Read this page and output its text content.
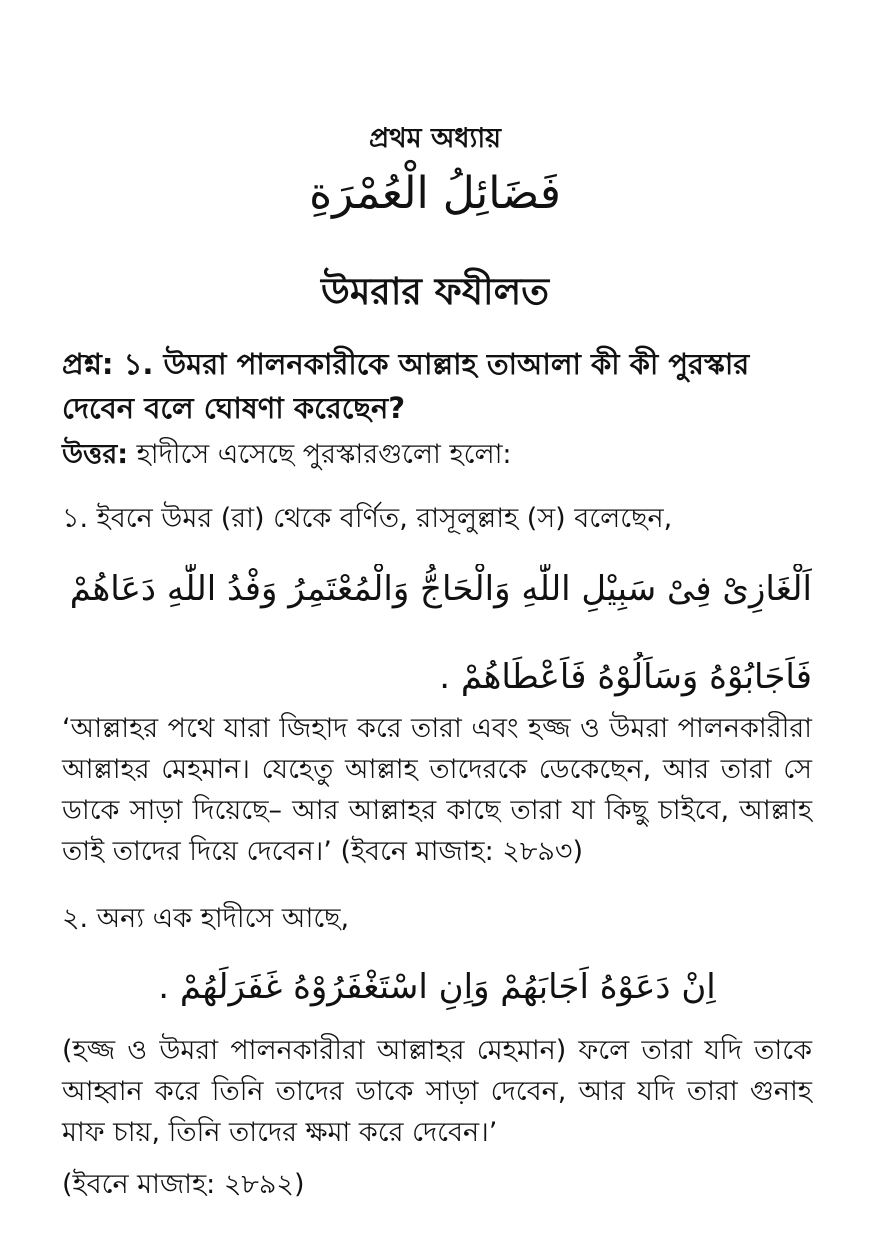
প্রথম অধ্যায়
فَضَائِلُ الْعُمْرَةِ
উমরার ফযীলত
প্রশ্ন: ১. উমরা পালনকারীকে আল্লাহ তাআলা কী কী পুরস্কার দেবেন বলে ঘোষণা করেছেন?
উত্তর: হাদীসে এসেছে পুরস্কারগুলো হলো:
১. ইবনে উমর (রা) থেকে বর্ণিত, রাসূলুল্লাহ (স) বলেছেন,
اَلْغَازِىْ فِىْ سَبِيْلِ اللّٰهِ وَالْحَاجُّ وَالْمُعْتَمِرُ وَفْدُ اللّٰهِ دَعَاهُمْ
فَاَجَابُوْهُ وَسَاَلُوْهُ فَاَعْطَاهُمْ .
‘আল্লাহর পথে যারা জিহাদ করে তারা এবং হজ্জ ও উমরা পালনকারীরা আল্লাহর মেহমান। যেহেতু আল্লাহ তাদেরকে ডেকেছেন, আর তারা সে ডাকে সাড়া দিয়েছে– আর আল্লাহর কাছে তারা যা কিছু চাইবে, আল্লাহ তাই তাদের দিয়ে দেবেন।’ (ইবনে মাজাহ: ২৮৯৩)
২. অন্য এক হাদীসে আছে,
اِنْ دَعَوْهُ اَجَابَهُمْ وَاِنِ اسْتَغْفَرُوْهُ غَفَرَلَهُمْ .
(হজ্জ ও উমরা পালনকারীরা আল্লাহর মেহমান) ফলে তারা যদি তাকে আহ্বান করে তিনি তাদের ডাকে সাড়া দেবেন, আর যদি তারা গুনাহ মাফ চায়, তিনি তাদের ক্ষমা করে দেবেন।’
(ইবনে মাজাহ: ২৮৯২)
